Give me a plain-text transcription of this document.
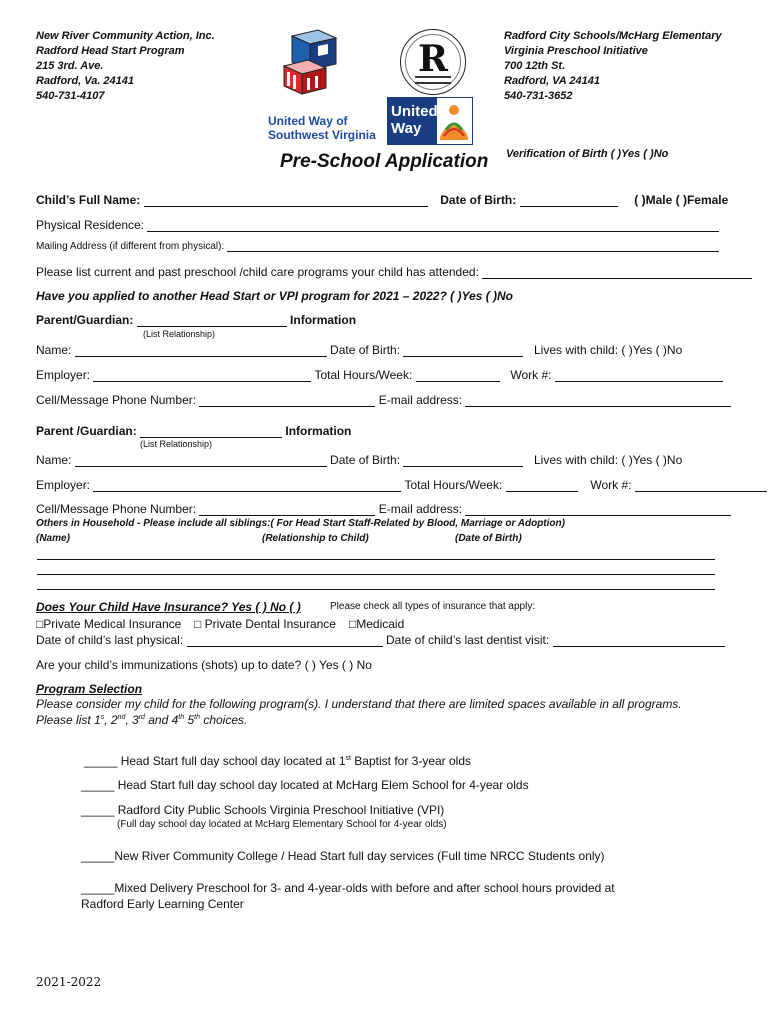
New River Community Action, Inc.
Radford Head Start Program
215 3rd. Ave.
Radford, Va. 24141
540-731-4107
Radford City Schools/McHarg Elementary
Virginia Preschool Initiative
700 12th St.
Radford, VA 24141
540-731-3652
R
United Way of
Southwest Virginia
United
Way
Pre-School Application Verification of Birth ( )Yes ( )No
Child’s Full Name:	Date of Birth:	( )Male ( )Female
Physical Residence:
Mailing Address (if different from physical):
Please list current and past preschool /child care programs your child has attended:
Have you applied to another Head Start or VPI program for 2021 – 2022? ( )Yes ( )No
Parent/Guardian:	Information
(List Relationship)
Name:	Date of Birth:	Lives with child: ( )Yes ( )No
Employer:	Total Hours/Week:	Work #:
Cell/Message Phone Number:	E-mail address:
Parent /Guardian:	Information
(List Relationship)
Name:	Date of Birth:	Lives with child: ( )Yes ( )No
Employer:	Total Hours/Week:	Work #:
Cell/Message Phone Number:	E-mail address:
Others in Household - Please include all siblings:( For Head Start Staff-Related by Blood, Marriage or Adoption)
(Name)	(Relationship to Child)	(Date of Birth)
Does Your Child Have Insurance? Yes ( ) No ( )	Please check all types of insurance that apply:
□Private Medical Insurance □ Private Dental Insurance □Medicaid
Date of child’s last physical:	Date of child’s last dentist visit:
Are your child’s immunizations (shots) up to date? ( ) Yes ( ) No
Program Selection
Please consider my child for the following program(s). I understand that there are limited spaces available in all programs.
Please list 1$^s$, 2nd, 3rd and 4th 5th choices.
_____ Head Start full day school day located at 1st Baptist for 3-year olds
_____ Head Start full day school day located at McHarg Elem School for 4-year olds
_____ Radford City Public Schools Virginia Preschool Initiative (VPI)
(Full day school day located at McHarg Elementary School for 4-year olds)
_____New River Community College / Head Start full day services (Full time NRCC Students only)
_____Mixed Delivery Preschool for 3- and 4-year-olds with before and after school hours provided at
Radford Early Learning Center
2021-2022
